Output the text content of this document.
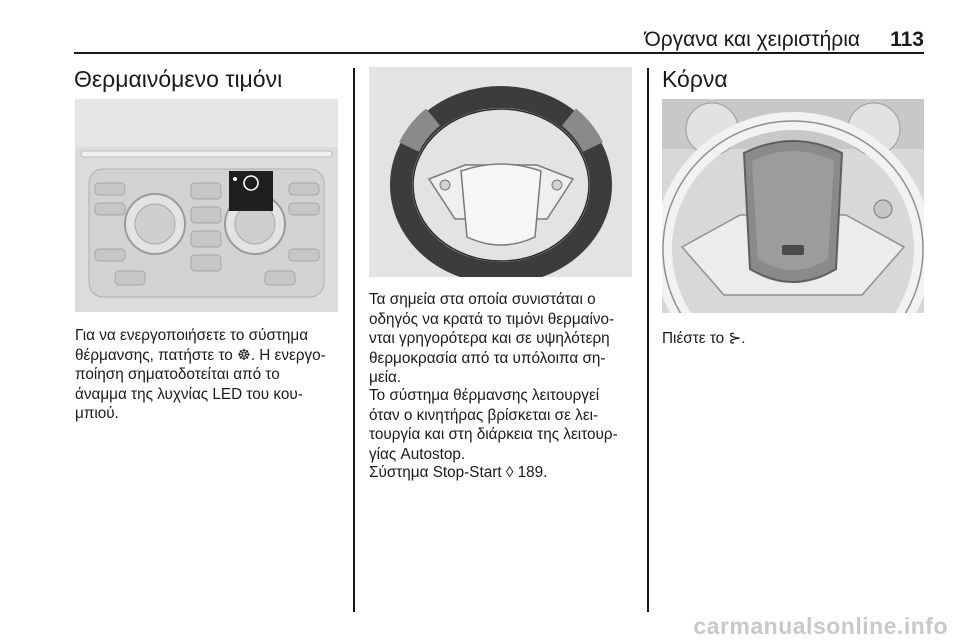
Όργανα και χειριστήρια 113
Θερμαινόμενο τιμόνι

Για να ενεργοποιήσετε το σύστημα
θέρμανσης, πατήστε το ☸. Η ενεργο-
ποίηση σηματοδοτείται από το
άναμμα της λυχνίας LED του κου-
μπιού.

Τα σημεία στα οποία συνιστάται ο
οδηγός να κρατά το τιμόνι θερμαίνο-
νται γρηγορότερα και σε υψηλότερη
θερμοκρασία από τα υπόλοιπα ση-
μεία.

Το σύστημα θέρμανσης λειτουργεί
όταν ο κινητήρας βρίσκεται σε λει-
τουργία και στη διάρκεια της λειτουρ-
γίας Autostop.

Σύστημα Stop-Start ◊ 189.

Κόρνα

Πιέστε το ⊱.

carmanualsonline.info
